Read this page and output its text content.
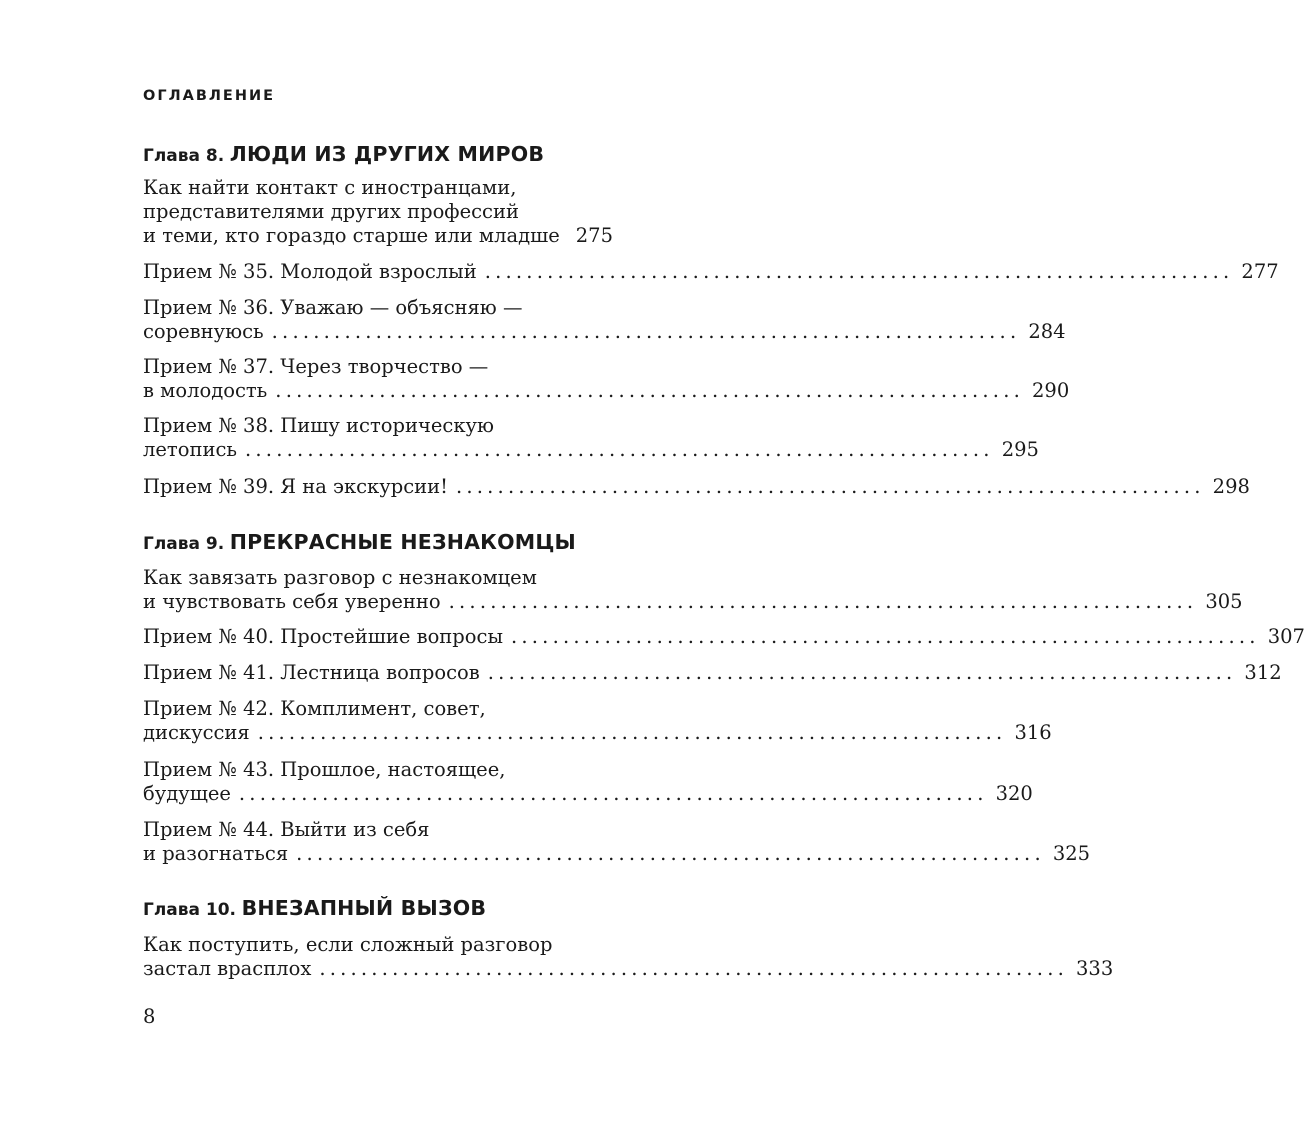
ОГЛАВЛЕНИЕ
Глава 8. ЛЮДИ ИЗ ДРУГИХ МИРОВ
Как найти контакт с иностранцами,
представителями других профессий
и теми, кто гораздо старше или младше 275
Прием № 35. Молодой взрослый ........................................................................ 277
Прием № 36. Уважаю — объясняю —
соревнуюсь ........................................................................ 284
Прием № 37. Через творчество —
в молодость ........................................................................ 290
Прием № 38. Пишу историческую
летопись ........................................................................ 295
Прием № 39. Я на экскурсии! ........................................................................ 298
Глава 9. ПРЕКРАСНЫЕ НЕЗНАКОМЦЫ
Как завязать разговор с незнакомцем
и чувствовать себя уверенно ........................................................................ 305
Прием № 40. Простейшие вопросы ........................................................................ 307
Прием № 41. Лестница вопросов ........................................................................ 312
Прием № 42. Комплимент, совет,
дискуссия ........................................................................ 316
Прием № 43. Прошлое, настоящее,
будущее ........................................................................ 320
Прием № 44. Выйти из себя
и разогнаться ........................................................................ 325
Глава 10. ВНЕЗАПНЫЙ ВЫЗОВ
Как поступить, если сложный разговор
застал врасплох ........................................................................ 333
8
